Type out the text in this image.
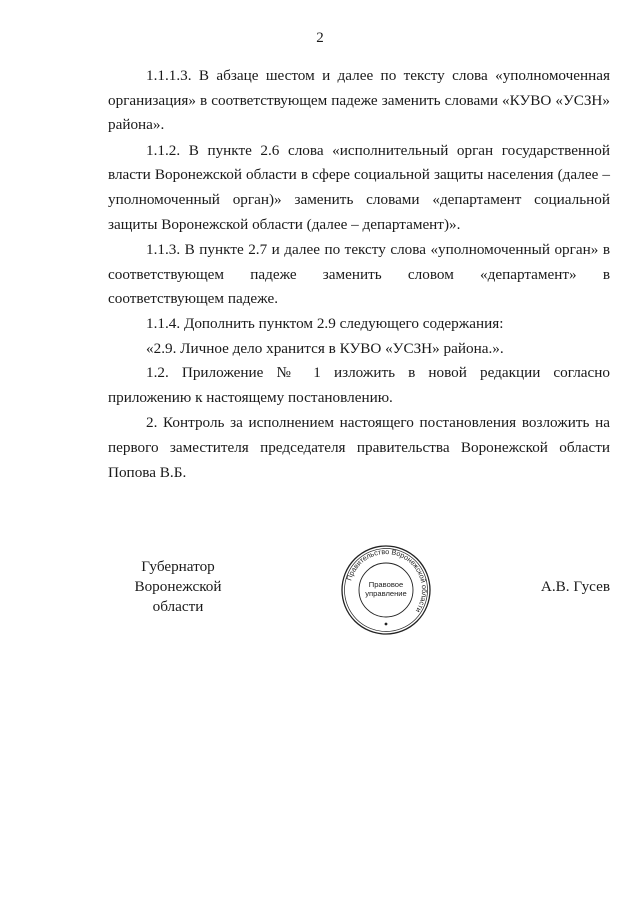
2

1.1.1.3. В абзаце шестом и далее по тексту слова «уполномоченная организация» в соответствующем падеже заменить словами «КУВО «УСЗН» района».

1.1.2. В пункте 2.6 слова «исполнительный орган государственной власти Воронежской области в сфере социальной защиты населения (далее – уполномоченный орган)» заменить словами «департамент социальной защиты Воронежской области (далее – департамент)».

1.1.3. В пункте 2.7 и далее по тексту слова «уполномоченный орган» в соответствующем падеже заменить словом «департамент» в соответствующем падеже.

1.1.4. Дополнить пунктом 2.9 следующего содержания:

«2.9. Личное дело хранится в КУВО «УСЗН» района.».

1.2. Приложение № 1 изложить в новой редакции согласно приложению к настоящему постановлению.

2. Контроль за исполнением настоящего постановления возложить на первого заместителя председателя правительства Воронежской области Попова В.Б.

Губернатор
Воронежской области
Правительство Воронежской области
Правовое
управление	А.В. Гусев
